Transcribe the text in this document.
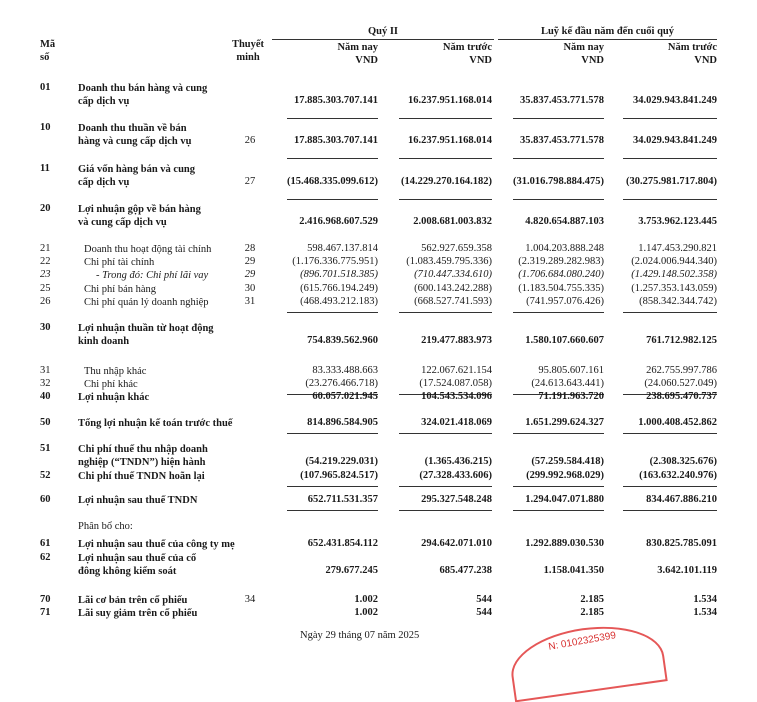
Mã
số
Thuyết
minh
Quý II	Luỹ kế đầu năm đến cuối quý
Năm nay
VND
Năm trước
VND
Năm nay
VND
Năm trước
VND
01	Doanh thu bán hàng và cung
cấp dịch vụ	17.885.303.707.141	16.237.951.168.014	35.837.453.771.578	34.029.943.841.249
10	Doanh thu thuần về bán
hàng và cung cấp dịch vụ	26	17.885.303.707.141	16.237.951.168.014	35.837.453.771.578	34.029.943.841.249
11	Giá vốn hàng bán và cung
cấp dịch vụ	27	(15.468.335.099.612)	(14.229.270.164.182)	(31.016.798.884.475)	(30.275.981.717.804)
20	Lợi nhuận gộp về bán hàng
và cung cấp dịch vụ	2.416.968.607.529	2.008.681.003.832	4.820.654.887.103	3.753.962.123.445
21	Doanh thu hoạt động tài chính	28	598.467.137.814	562.927.659.358	1.004.203.888.248	1.147.453.290.821
22	Chi phí tài chính	29	(1.176.336.775.951)	(1.083.459.795.336)	(2.319.289.282.983)	(2.024.006.944.340)
23	- Trong đó: Chi phí lãi vay	29	(896.701.518.385)	(710.447.334.610)	(1.706.684.080.240)	(1.429.148.502.358)
25	Chi phí bán hàng	30	(615.766.194.249)	(600.143.242.288)	(1.183.504.755.335)	(1.257.353.143.059)
26	Chi phí quản lý doanh nghiệp	31	(468.493.212.183)	(668.527.741.593)	(741.957.076.426)	(858.342.344.742)
30	Lợi nhuận thuần từ hoạt động
kinh doanh	754.839.562.960	219.477.883.973	1.580.107.660.607	761.712.982.125
31	Thu nhập khác	83.333.488.663	122.067.621.154	95.805.607.161	262.755.997.786
32	Chi phí khác	(23.276.466.718)	(17.524.087.058)	(24.613.643.441)	(24.060.527.049)
40	Lợi nhuận khác	60.057.021.945	104.543.534.096	71.191.963.720	238.695.470.737
50	Tổng lợi nhuận kế toán trước thuế	814.896.584.905	324.021.418.069	1.651.299.624.327	1.000.408.452.862
51	Chi phí thuế thu nhập doanh
nghiệp (“TNDN”) hiện hành	(54.219.229.031)	(1.365.436.215)	(57.259.584.418)	(2.308.325.676)
52	Chi phí thuế TNDN hoãn lại	(107.965.824.517)	(27.328.433.606)	(299.992.968.029)	(163.632.240.976)
60	Lợi nhuận sau thuế TNDN	652.711.531.357	295.327.548.248	1.294.047.071.880	834.467.886.210
Phân bổ cho:
61	Lợi nhuận sau thuế của công ty mẹ	652.431.854.112	294.642.071.010	1.292.889.030.530	830.825.785.091
62	Lợi nhuận sau thuế của cổ
đông không kiểm soát	279.677.245	685.477.238	1.158.041.350	3.642.101.119
70	Lãi cơ bản trên cổ phiếu	34	1.002	544	2.185	1.534
71	Lãi suy giảm trên cổ phiếu	1.002	544	2.185	1.534
Ngày 29 tháng 07 năm 2025	N: 0102325399
